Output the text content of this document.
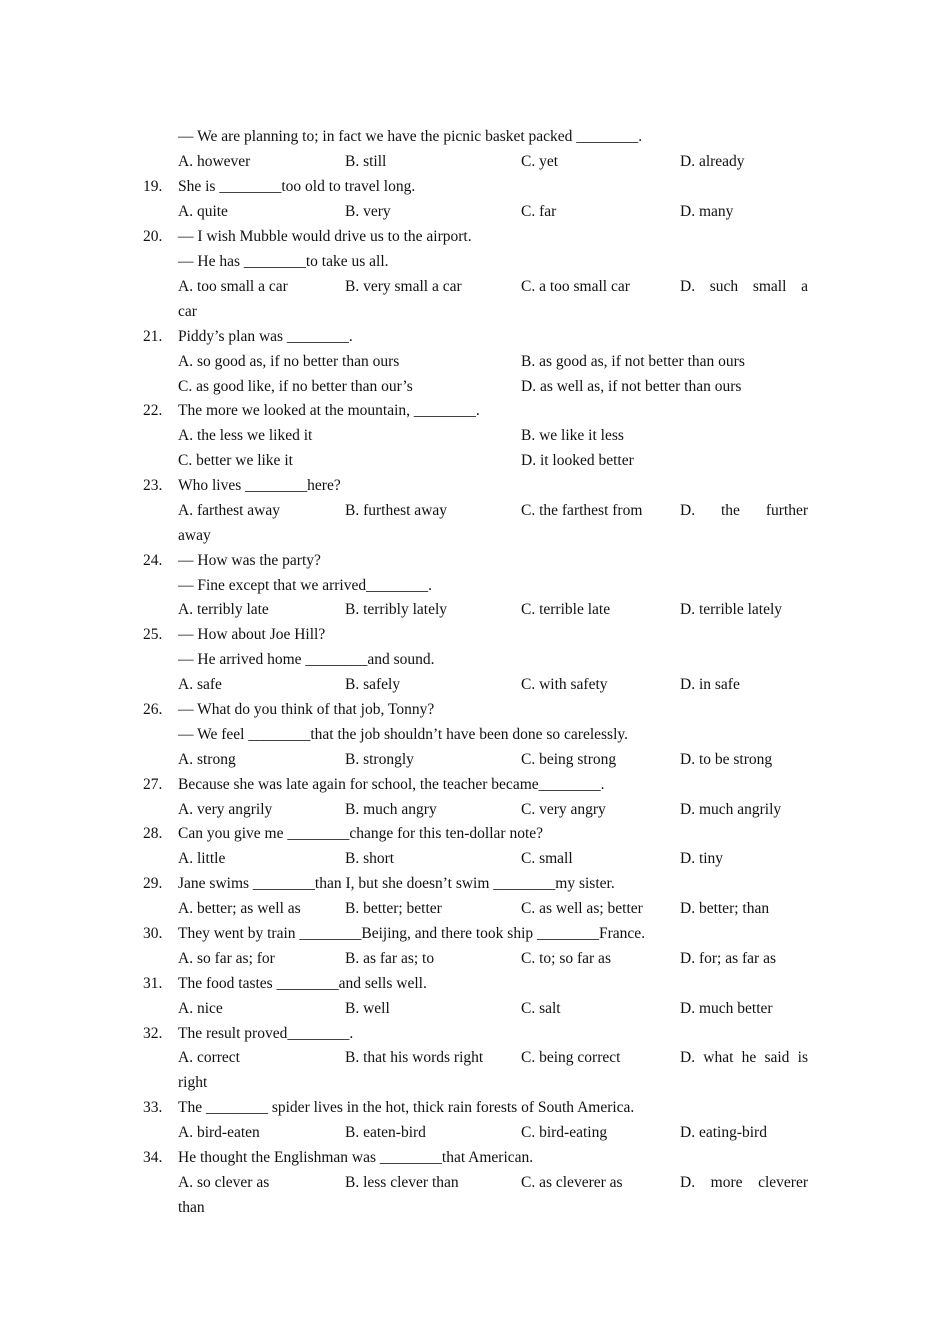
— We are planning to; in fact we have the picnic basket packed ________.
A. however	B. still	C. yet	D. already
19. She is ________too old to travel long.
A. quite	B. very	C. far	D. many
20. — I wish Mubble would drive us to the airport.
— He has ________to take us all.
A. too small a car	B. very small a car	C. a too small car	D. such small a
car
21. Piddy’s plan was ________.
A. so good as, if no better than ours	B. as good as, if not better than ours
C. as good like, if no better than our’s	D. as well as, if not better than ours
22. The more we looked at the mountain, ________.
A. the less we liked it	B. we like it less
C. better we like it	D. it looked better
23. Who lives ________here?
A. farthest away	B. furthest away	C. the farthest from D. the further
away
24. — How was the party?
— Fine except that we arrived________.
A. terribly late	B. terribly lately	C. terrible late	D. terrible lately
25. — How about Joe Hill?
— He arrived home ________and sound.
A. safe	B. safely	C. with safety	D. in safe
26. — What do you think of that job, Tonny?
— We feel ________that the job shouldn’t have been done so carelessly.
A. strong	B. strongly	C. being strong	D. to be strong
27. Because she was late again for school, the teacher became________.
A. very angrily	B. much angry	C. very angry	D. much angrily
28. Can you give me ________change for this ten-dollar note?
A. little	B. short	C. small	D. tiny
29. Jane swims ________than I, but she doesn’t swim ________my sister.
A. better; as well as	B. better; better	C. as well as; better D. better; than
30. They went by train ________Beijing, and there took ship ________France.
A. so far as; for	B. as far as; to	C. to; so far as	D. for; as far as
31. The food tastes ________and sells well.
A. nice	B. well	C. salt	D. much better
32. The result proved________.
A. correct	B. that his words right C. being correct	D. what he said is
right
33. The ________ spider lives in the hot, thick rain forests of South America.
A. bird-eaten	B. eaten-bird	C. bird-eating	D. eating-bird
34. He thought the Englishman was ________that American.
A. so clever as	B. less clever than	C. as cleverer as	D. more cleverer
than
